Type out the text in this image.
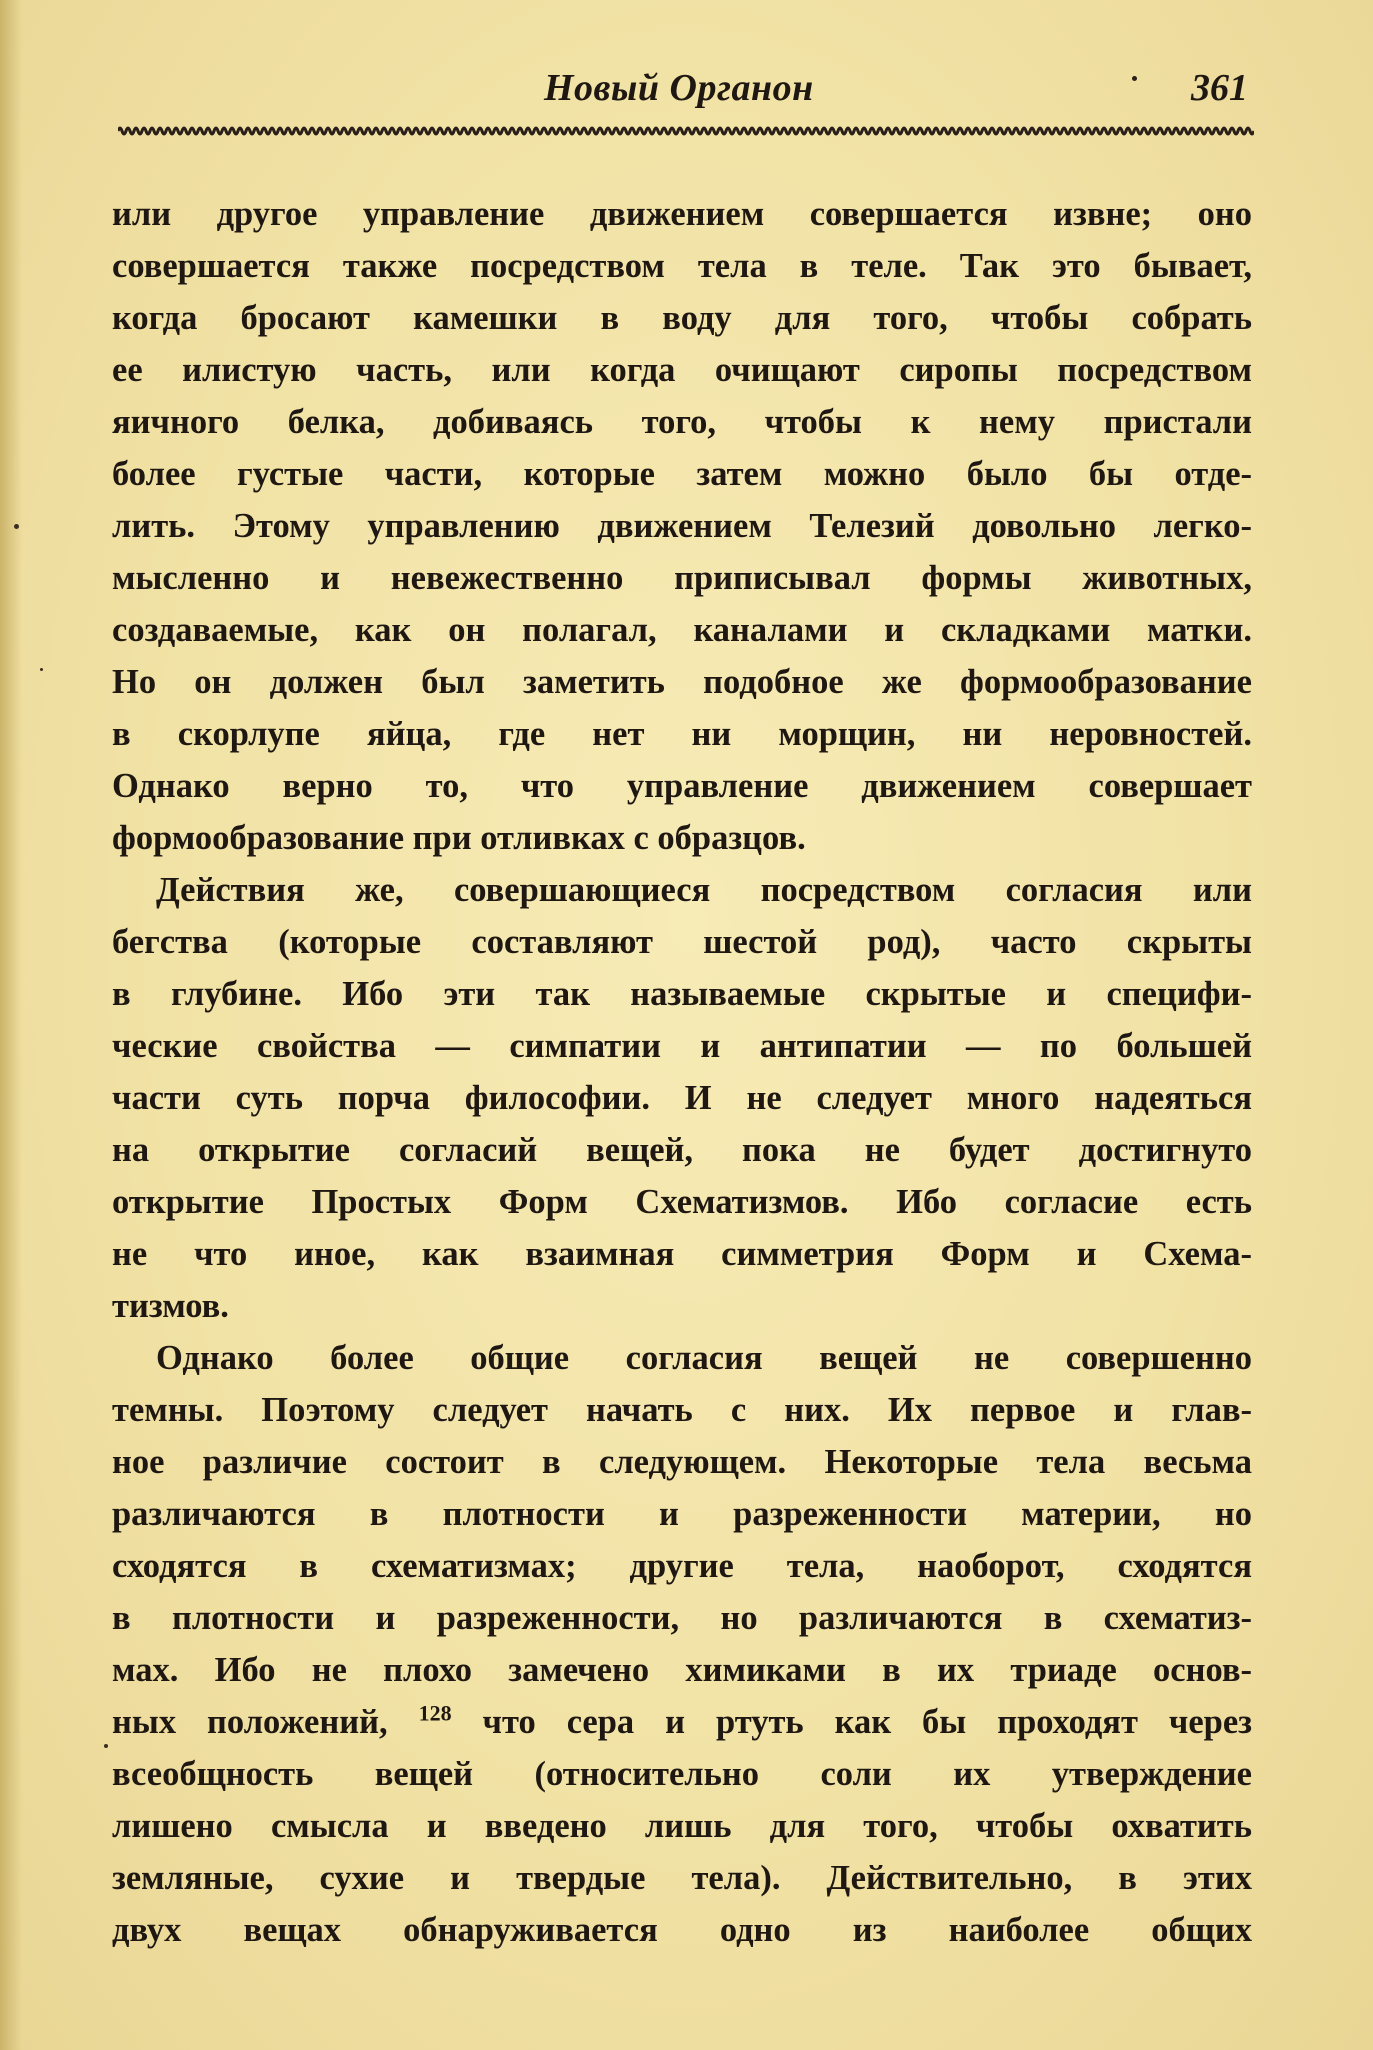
Новый Органон	361
или другое управление движением совершается извне; оно
совершается также посредством тела в теле. Так это бывает,
когда бросают камешки в воду для того, чтобы собрать
ее илистую часть, или когда очищают сиропы посредством
яичного белка, добиваясь того, чтобы к нему пристали
более густые части, которые затем можно было бы отде-
лить. Этому управлению движением Телезий довольно легко-
мысленно и невежественно приписывал формы животных,
создаваемые, как он полагал, каналами и складками матки.
Но он должен был заметить подобное же формообразование
в скорлупе яйца, где нет ни морщин, ни неровностей.
Однако верно то, что управление движением совершает
формообразование при отливках с образцов.
Действия же, совершающиеся посредством согласия или
бегства (которые составляют шестой род), часто скрыты
в глубине. Ибо эти так называемые скрытые и специфи-
ческие свойства — симпатии и антипатии — по большей
части суть порча философии. И не следует много надеяться
на открытие согласий вещей, пока не будет достигнуто
открытие Простых Форм Схематизмов. Ибо согласие есть
не что иное, как взаимная симметрия Форм и Схема-
тизмов.
Однако более общие согласия вещей не совершенно
темны. Поэтому следует начать с них. Их первое и глав-
ное различие состоит в следующем. Некоторые тела весьма
различаются в плотности и разреженности материи, но
сходятся в схематизмах; другие тела, наоборот, сходятся
в плотности и разреженности, но различаются в схематиз-
мах. Ибо не плохо замечено химиками в их триаде основ-
ных положений, $^{128}$ что сера и ртуть как бы проходят через
всеобщность вещей (относительно соли их утверждение
лишено смысла и введено лишь для того, чтобы охватить
земляные, сухие и твердые тела). Действительно, в этих
двух вещах обнаруживается одно из наиболее общих
